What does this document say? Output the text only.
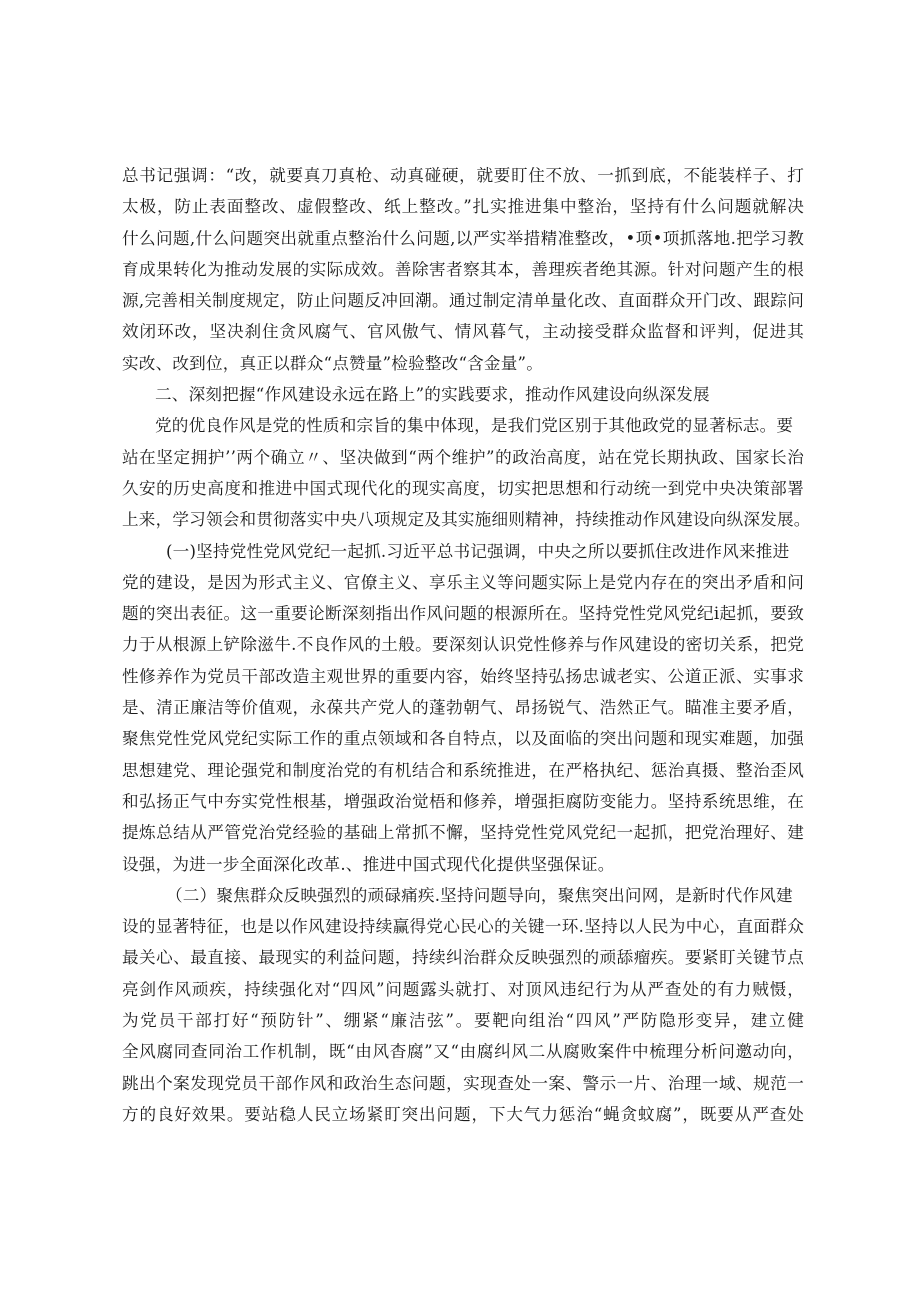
总书记强调：“改，就要真刀真枪、动真碰硬，就要盯住不放、一抓到底，不能装样子、打
太极，防止表面整改、虚假整改、纸上整改。”扎实推进集中整治，坚持有什么问题就解决
什么问题,什么问题突出就重点整治什么问题,以严实举措精准整改，•项•项抓落地.把学习教
育成果转化为推动发展的实际成效。善除害者察其本，善理疾者绝其源。针对问题产生的根
源,完善相关制度规定，防止问题反冲回潮。通过制定清单量化改、直面群众开门改、跟踪问
效闭环改，坚决刹住贪风腐气、官风傲气、情风暮气，主动接受群众监督和评判，促进其
实改、改到位，真正以群众“点赞量”检验整改“含金量”。
二、深刻把握“作风建设永远在路上”的实践要求，推动作风建设向纵深发展
党的优良作风是党的性质和宗旨的集中体现，是我们党区别于其他政党的显著标志。要
站在坚定拥护’’两个确立〃、坚决做到“两个维护”的政治高度，站在党长期执政、国家长治
久安的历史高度和推进中国式现代化的现实高度，切实把思想和行动统一到党中央决策部署
上来，学习领会和贯彻落实中央八项规定及其实施细则精神，持续推动作风建设向纵深发展。
(一)坚持党性党风党纪一起抓.习近平总书记强调，中央之所以要抓住改进作风来推进
党的建设，是因为形式主义、官僚主义、享乐主义等问题实际上是党内存在的突出矛盾和问
题的突出表征。这一重要论断深刻指出作风问题的根源所在。坚持党性党风党纪i起抓，要致
力于从根源上铲除滋牛.不良作风的土般。要深刻认识党性修养与作风建设的密切关系，把党
性修养作为党员干部改造主观世界的重要内容，始终坚持弘扬忠诚老实、公道正派、实事求
是、清正廉洁等价值观，永葆共产党人的蓬勃朝气、昂扬锐气、浩然正气。瞄准主要矛盾，
聚焦党性党风党纪实际工作的重点领域和各自特点，以及面临的突出问题和现实难题，加强
思想建党、理论强党和制度治党的有机结合和系统推进，在严格执纪、惩治真摄、整治歪风
和弘扬正气中夯实党性根基，增强政治觉梧和修养，增强拒腐防变能力。坚持系统思维，在
提炼总结从严管党治党经验的基础上常抓不懈，坚持党性党风党纪一起抓，把党治理好、建
设强，为进一步全面深化改革.、推进中国式现代化提供坚强保证。
（二）聚焦群众反映强烈的顽碌痛疾.坚持问题导向，聚焦突出问网，是新时代作风建
设的显著特征，也是以作风建设持续赢得党心民心的关键一环.坚持以人民为中心，直面群众
最关心、最直接、最现实的利益问题，持续纠治群众反映强烈的顽舔瘤疾。要紧盯关键节点
亮剑作风顽疾，持续强化对“四风”问题露头就打、对顶风违纪行为从严查处的有力贼慑，
为党员干部打好“预防针”、绷紧“廉洁弦”。要靶向组治“四风”严防隐形变异，建立健
全风腐同查同治工作机制，既“由风杳腐”又“由腐纠风二从腐败案件中梳理分析问邀动向，
跳出个案发现党员干部作风和政治生态问题，实现查处一案、警示一片、治理一域、规范一
方的良好效果。要站稳人民立场紧盯突出问题，下大气力惩治“蝇贪蚊腐”，既要从严查处
